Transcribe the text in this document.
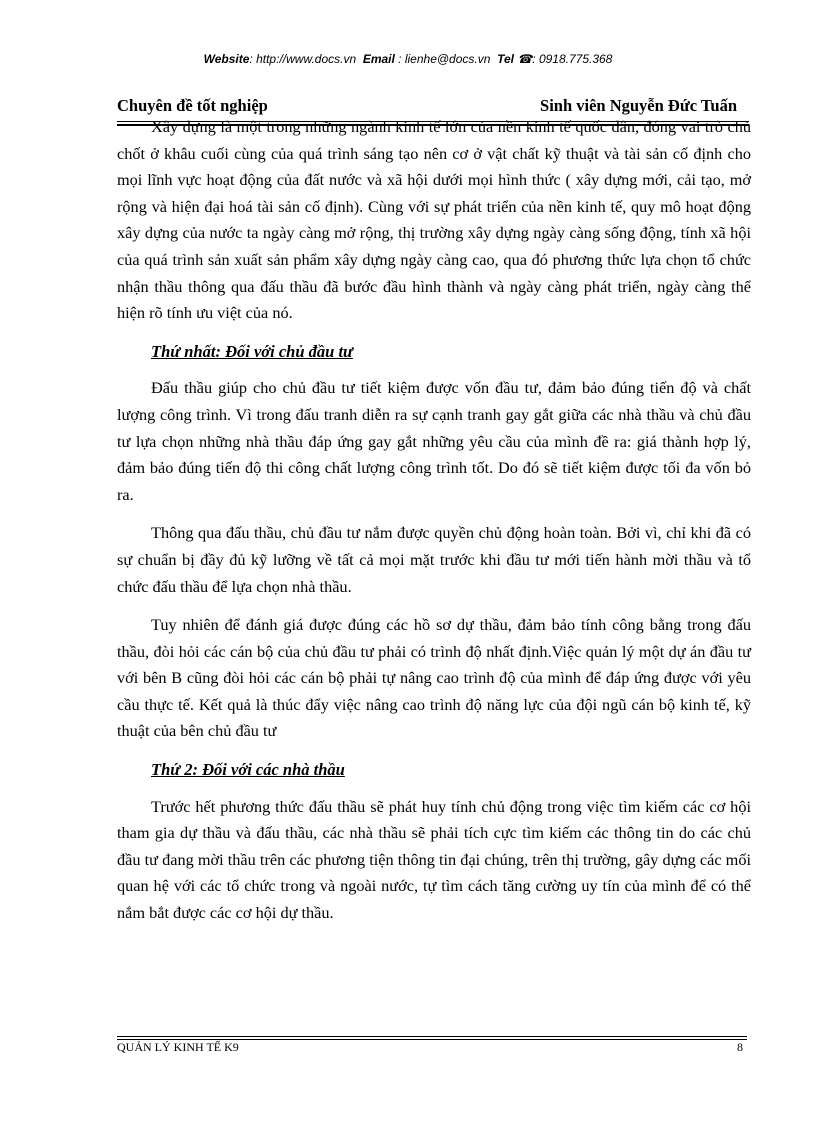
Website: http://www.docs.vn Email : lienhe@docs.vn Tel ☎: 0918.775.368
Chuyên đề tốt nghiệp	Sinh viên Nguyễn Đức Tuấn

Xây dựng là một trong những ngành kinh tế lớn của nền kinh tế quốc dân, đóng vai trò chủ chốt ở khâu cuối cùng của quá trình sáng tạo nên cơ ở vật chất kỹ thuật và tài sản cố định cho mọi lĩnh vực hoạt động của đất nước và xã hội dưới mọi hình thức ( xây dựng mới, cải tạo, mở rộng và hiện đại hoá tài sản cố định). Cùng với sự phát triển của nền kinh tế, quy mô hoạt động xây dựng của nước ta ngày càng mở rộng, thị trường xây dựng ngày càng sống động, tính xã hội của quá trình sản xuất sản phẩm xây dựng ngày càng cao, qua đó phương thức lựa chọn tổ chức nhận thầu thông qua đấu thầu đã bước đầu hình thành và ngày càng phát triển, ngày càng thể hiện rõ tính ưu việt của nó.

Thứ nhất: Đối với chủ đầu tư

Đấu thầu giúp cho chủ đầu tư tiết kiệm được vốn đầu tư, đảm bảo đúng tiến độ và chất lượng công trình. Vì trong đấu tranh diễn ra sự cạnh tranh gay gắt giữa các nhà thầu và chủ đầu tư lựa chọn những nhà thầu đáp ứng gay gắt những yêu cầu của mình đề ra: giá thành hợp lý, đảm bảo đúng tiến độ thi công chất lượng công trình tốt. Do đó sẽ tiết kiệm được tối đa vốn bỏ ra.

Thông qua đấu thầu, chủ đầu tư nắm được quyền chủ động hoàn toàn. Bởi vì, chỉ khi đã có sự chuẩn bị đầy đủ kỹ lưỡng về tất cả mọi mặt trước khi đầu tư mới tiến hành mời thầu và tổ chức đấu thầu để lựa chọn nhà thầu.

Tuy nhiên để đánh giá được đúng các hồ sơ dự thầu, đảm bảo tính công bằng trong đấu thầu, đòi hỏi các cán bộ của chủ đầu tư phải có trình độ nhất định.Việc quản lý một dự án đầu tư với bên B cũng đòi hỏi các cán bộ phải tự nâng cao trình độ của mình để đáp ứng được với yêu cầu thực tế. Kết quả là thúc đẩy việc nâng cao trình độ năng lực của đội ngũ cán bộ kinh tế, kỹ thuật của bên chủ đầu tư

Thứ 2: Đối với các nhà thầu

Trước hết phương thức đấu thầu sẽ phát huy tính chủ động trong việc tìm kiếm các cơ hội tham gia dự thầu và đấu thầu, các nhà thầu sẽ phải tích cực tìm kiếm các thông tin do các chủ đầu tư đang mời thầu trên các phương tiện thông tin đại chúng, trên thị trường, gây dựng các mối quan hệ với các tổ chức trong và ngoài nước, tự tìm cách tăng cường uy tín của mình để có thể nắm bắt được các cơ hội dự thầu.

QUẢN LÝ KINH TẾ K9	8
